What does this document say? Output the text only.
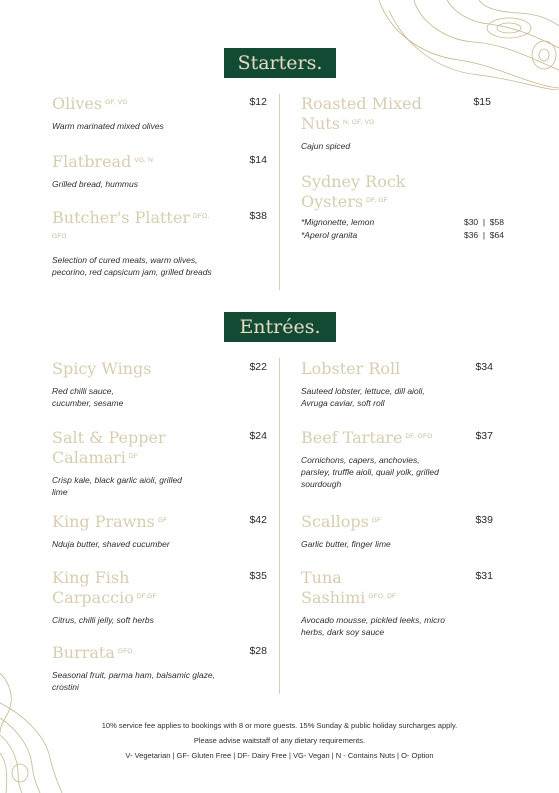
Starters.
Olives $^{GF, VG}$	$12
Warm marinated mixed olives
Flatbread $^{VG, N}$	$14
Grilled bread, hummus
Butcher's Platter $^{DFO, GFO}$
$38
Selection of cured meats, warm olives, pecorino, red capsicum jam, grilled breads
Roasted Mixed Nuts $^{N, GF, VG}$
$15
Cajun spiced
Sydney Rock Oysters $^{DF, GF}$
*Mignonette, lemon	$30  |  $58
*Aperol granita	$36  |  $64
Entrées.
Spicy Wings	$22
Red chilli sauce, cucumber, sesame
Salt & Pepper Calamari $^{DF}$
$24
Crisp kale, black garlic aioli, grilled lime
King Prawns $^{GF}$	$42
Nduja butter, shaved cucumber
King Fish Carpaccio $^{DF,GF}$
$35
Citrus, chilli jelly, soft herbs
Burrata $^{GFO}$	$28
Seasonal fruit, parma ham, balsamic glaze, crostini
Lobster Roll	$34
Sauteed lobster, lettuce, dill aioli, Avruga caviar, soft roll
Beef Tartare $^{DF, GFO}$	$37
Cornichons, capers, anchovies, parsley, truffle aioli, quail yolk, grilled sourdough
Scallops $^{GF}$	$39
Garlic butter, finger lime
Tuna Sashimi $^{GFO, DF}$
$31
Avocado mousse, pickled leeks, micro herbs, dark soy sauce
10% service fee applies to bookings with 8 or more guests. 15% Sunday & public holiday surcharges apply.
Please advise waitstaff of any dietary requirements.
V- Vegetarian | GF- Gluten Free | DF- Dairy Free | VG- Vegan | N - Contains Nuts | O- Option
